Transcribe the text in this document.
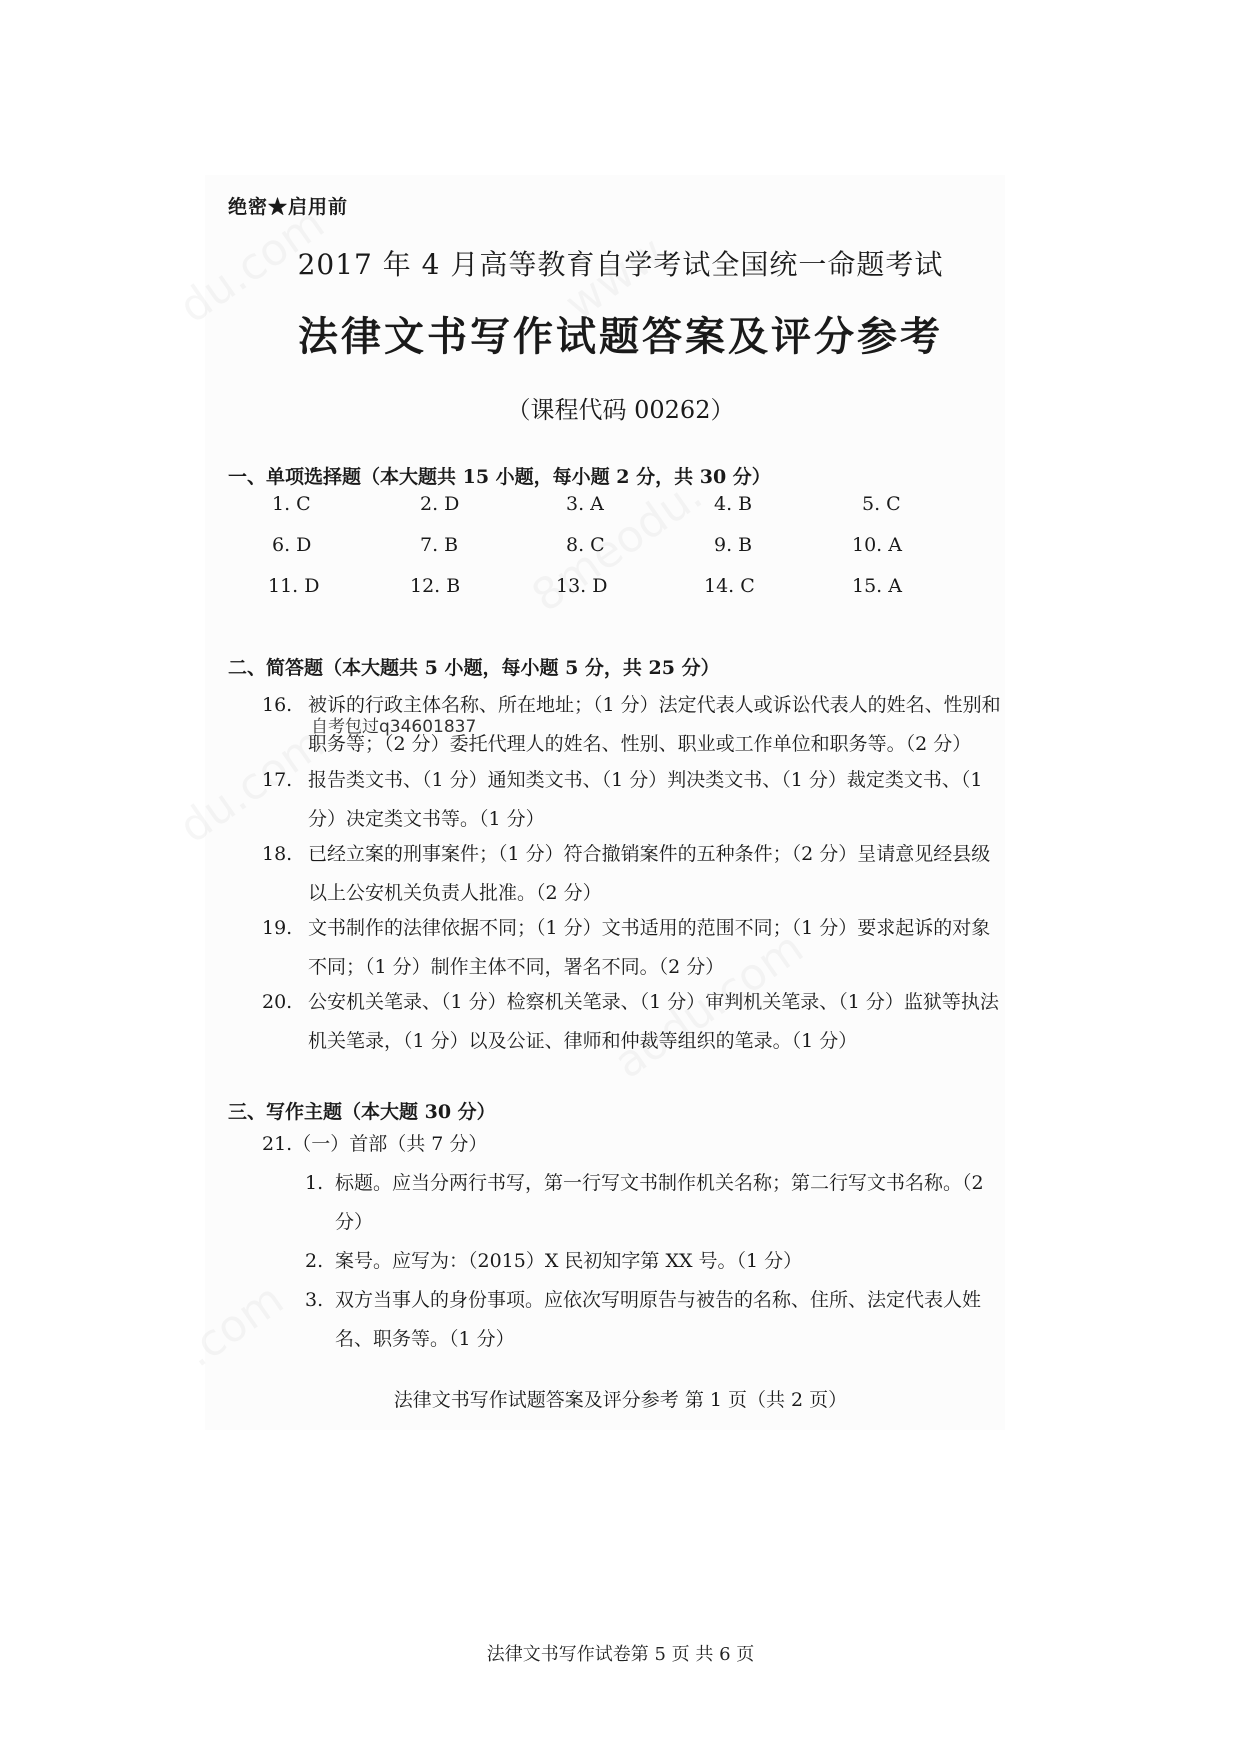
绝密★启用前
2017 年 4 月高等教育自学考试全国统一命题考试
法律文书写作试题答案及评分参考
（课程代码 00262）
一、单项选择题（本大题共 15 小题，每小题 2 分，共 30 分）
1. C	2. D	3. A	4. B	5. C
6. D	7. B	8. C	9. B	10. A
11. D	12. B	13. D	14. C	15. A
二、简答题（本大题共 5 小题，每小题 5 分，共 25 分）
16. 被诉的行政主体名称、所在地址；（1 分）法定代表人或诉讼代表人的姓名、性别和职务等；（2 分）委托代理人的姓名、性别、职业或工作单位和职务等。（2 分）
自考包过q34601837
17. 报告类文书、（1 分）通知类文书、（1 分）判决类文书、（1 分）裁定类文书、（1 分）决定类文书等。（1 分）
18. 已经立案的刑事案件；（1 分）符合撤销案件的五种条件；（2 分）呈请意见经县级以上公安机关负责人批准。（2 分）
19. 文书制作的法律依据不同；（1 分）文书适用的范围不同；（1 分）要求起诉的对象不同；（1 分）制作主体不同，署名不同。（2 分）
20. 公安机关笔录、（1 分）检察机关笔录、（1 分）审判机关笔录、（1 分）监狱等执法机关笔录，（1 分）以及公证、律师和仲裁等组织的笔录。（1 分）
三、写作主题（本大题 30 分）
21.（一）首部（共 7 分）
1. 标题。应当分两行书写，第一行写文书制作机关名称；第二行写文书名称。（2 分）
2. 案号。应写为：（2015）X 民初知字第 XX 号。（1 分）
3. 双方当事人的身份事项。应依次写明原告与被告的名称、住所、法定代表人姓名、职务等。（1 分）
法律文书写作试题答案及评分参考 第 1 页（共 2 页）
法律文书写作试卷第 5 页 共 6 页
